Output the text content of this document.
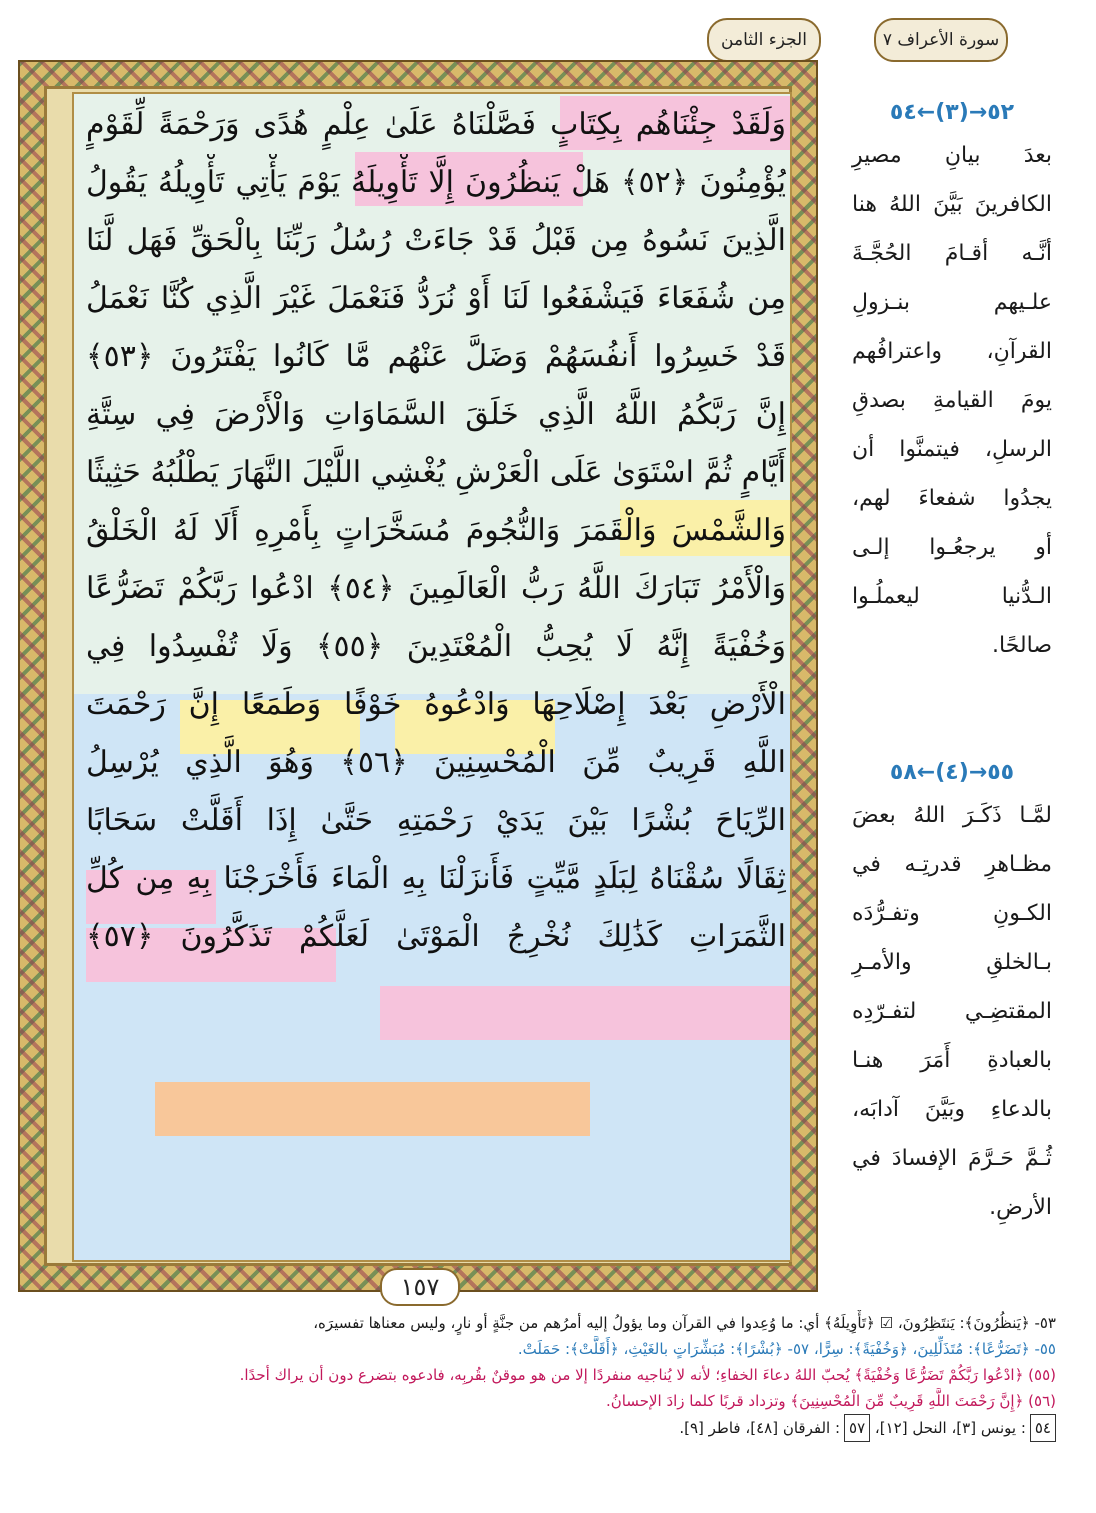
الجزء الثامن	سورة الأعراف ٧
وَلَقَدْ جِئْنَاهُم بِكِتَابٍ فَصَّلْنَاهُ عَلَىٰ عِلْمٍ هُدًى وَرَحْمَةً لِّقَوْمٍ
يُؤْمِنُونَ ﴿٥٢﴾ هَلْ يَنظُرُونَ إِلَّا تَأْوِيلَهُ يَوْمَ يَأْتِي تَأْوِيلُهُ يَقُولُ
الَّذِينَ نَسُوهُ مِن قَبْلُ قَدْ جَاءَتْ رُسُلُ رَبِّنَا بِالْحَقِّ فَهَل لَّنَا
مِن شُفَعَاءَ فَيَشْفَعُوا لَنَا أَوْ نُرَدُّ فَنَعْمَلَ غَيْرَ الَّذِي كُنَّا نَعْمَلُ
قَدْ خَسِرُوا أَنفُسَهُمْ وَضَلَّ عَنْهُم مَّا كَانُوا يَفْتَرُونَ ﴿٥٣﴾
إِنَّ رَبَّكُمُ اللَّهُ الَّذِي خَلَقَ السَّمَاوَاتِ وَالْأَرْضَ فِي سِتَّةِ
أَيَّامٍ ثُمَّ اسْتَوَىٰ عَلَى الْعَرْشِ يُغْشِي اللَّيْلَ النَّهَارَ يَطْلُبُهُ حَثِيثًا
وَالشَّمْسَ وَالْقَمَرَ وَالنُّجُومَ مُسَخَّرَاتٍ بِأَمْرِهِ أَلَا لَهُ الْخَلْقُ
وَالْأَمْرُ تَبَارَكَ اللَّهُ رَبُّ الْعَالَمِينَ ﴿٥٤﴾ ادْعُوا رَبَّكُمْ تَضَرُّعًا
وَخُفْيَةً إِنَّهُ لَا يُحِبُّ الْمُعْتَدِينَ ﴿٥٥﴾ وَلَا تُفْسِدُوا فِي
الْأَرْضِ بَعْدَ إِصْلَاحِهَا وَادْعُوهُ خَوْفًا وَطَمَعًا إِنَّ رَحْمَتَ
اللَّهِ قَرِيبٌ مِّنَ الْمُحْسِنِينَ ﴿٥٦﴾ وَهُوَ الَّذِي يُرْسِلُ
الرِّيَاحَ بُشْرًا بَيْنَ يَدَيْ رَحْمَتِهِ حَتَّىٰ إِذَا أَقَلَّتْ سَحَابًا
ثِقَالًا سُقْنَاهُ لِبَلَدٍ مَّيِّتٍ فَأَنزَلْنَا بِهِ الْمَاءَ فَأَخْرَجْنَا بِهِ مِن كُلِّ
الثَّمَرَاتِ كَذَٰلِكَ نُخْرِجُ الْمَوْتَىٰ لَعَلَّكُمْ تَذَكَّرُونَ ﴿٥٧﴾
١٥٧
٥٢→(٣)←٥٤
بعدَ بيانِ مصيرِ
الكافرينَ بَيَّنَ اللهُ هنا
أنَّـه أقـامَ الحُجَّـةَ
علـيهم بنـزولِ
القرآنِ، واعترافُهم
يومَ القيامةِ بصدقِ
الرسلِ، فيتمنَّوا أن
يجدُوا شفعاءَ لهم،
أو يرجعُـوا إلـى
الـدُّنيا ليعملُـوا
صالحًا.
٥٥→(٤)←٥٨
لمَّـا ذَكَـرَ اللهُ بعضَ
مظـاهرِ قدرتِـه في
الكـونِ وتفـرُّدَه
بـالخلقِ والأمـرِ
المقتضِـي لتفـرّدِه
بالعبادةِ أَمَرَ هنـا
بالدعاءِ وبَيَّنَ آدابَه،
ثُـمَّ حَـرَّمَ الإفسادَ في
الأرضِ.
٥٣- ﴿يَنظُرُونَ﴾: يَنتَظِرُونَ، ☑ ﴿تَأْوِيلَهُ﴾ أي: ما وُعِدوا في القرآن وما يؤولُ إليه أمرُهم من جنَّةٍ أو نارٍ، وليس معناها تفسيرَه،
٥٥- ﴿تَضَرُّعًا﴾: مُتَذَلِّلِينَ، ﴿وَخُفْيَةً﴾: سِرًّا، ٥٧- ﴿بُشْرًا﴾: مُبَشِّرَاتٍ بالغَيْثِ، ﴿أَقَلَّتْ﴾: حَمَلَتْ.
(٥٥) ﴿ادْعُوا رَبَّكُمْ تَضَرُّعًا وَخُفْيَةً﴾ يُحبّ اللهُ دعاءَ الخفاءِ؛ لأنه لا يُناجيه منفردًا إلا من هو موقنٌ بقُربِه، فادعوه بتضرع دون أن يراك أحدًا.
(٥٦) ﴿إِنَّ رَحْمَتَ اللَّهِ قَرِيبٌ مِّنَ الْمُحْسِنِينَ﴾ وتزداد قربًا كلما زادَ الإحسانُ.
٥٤: يونس [٣]، النحل [١٢]، ٥٧: الفرقان [٤٨]، فاطر [٩].
